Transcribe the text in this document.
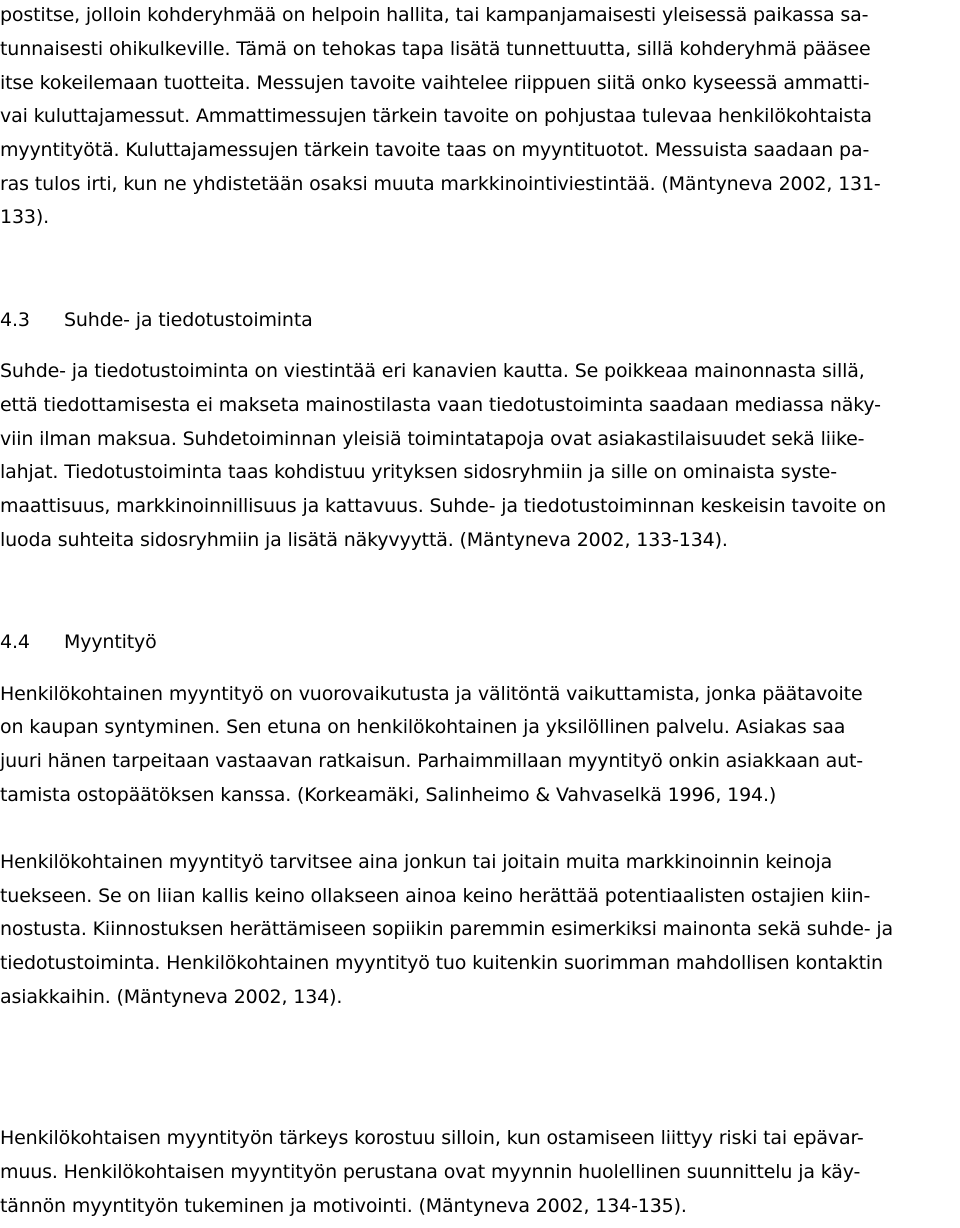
postitse, jolloin kohderyhmää on helpoin hallita, tai kampanjamaisesti yleisessä paikassa sa-
tunnaisesti ohikulkeville. Tämä on tehokas tapa lisätä tunnettuutta, sillä kohderyhmä pääsee
itse kokeilemaan tuotteita. Messujen tavoite vaihtelee riippuen siitä onko kyseessä ammatti-
vai kuluttajamessut. Ammattimessujen tärkein tavoite on pohjustaa tulevaa henkilökohtaista
myyntityötä. Kuluttajamessujen tärkein tavoite taas on myyntituotot. Messuista saadaan pa-
ras tulos irti, kun ne yhdistetään osaksi muuta markkinointiviestintää. (Mäntyneva 2002, 131-
133).
4.3 Suhde- ja tiedotustoiminta
Suhde- ja tiedotustoiminta on viestintää eri kanavien kautta. Se poikkeaa mainonnasta sillä,
että tiedottamisesta ei makseta mainostilasta vaan tiedotustoiminta saadaan mediassa näky-
viin ilman maksua. Suhdetoiminnan yleisiä toimintatapoja ovat asiakastilaisuudet sekä liike-
lahjat. Tiedotustoiminta taas kohdistuu yrityksen sidosryhmiin ja sille on ominaista syste-
maattisuus, markkinoinnillisuus ja kattavuus. Suhde- ja tiedotustoiminnan keskeisin tavoite on
luoda suhteita sidosryhmiin ja lisätä näkyvyyttä. (Mäntyneva 2002, 133-134).
4.4 Myyntityö
Henkilökohtainen myyntityö on vuorovaikutusta ja välitöntä vaikuttamista, jonka päätavoite
on kaupan syntyminen. Sen etuna on henkilökohtainen ja yksilöllinen palvelu. Asiakas saa
juuri hänen tarpeitaan vastaavan ratkaisun. Parhaimmillaan myyntityö onkin asiakkaan aut-
tamista ostopäätöksen kanssa. (Korkeamäki, Salinheimo & Vahvaselkä 1996, 194.)
Henkilökohtainen myyntityö tarvitsee aina jonkun tai joitain muita markkinoinnin keinoja
tuekseen. Se on liian kallis keino ollakseen ainoa keino herättää potentiaalisten ostajien kiin-
nostusta. Kiinnostuksen herättämiseen sopiikin paremmin esimerkiksi mainonta sekä suhde- ja
tiedotustoiminta. Henkilökohtainen myyntityö tuo kuitenkin suorimman mahdollisen kontaktin
asiakkaihin. (Mäntyneva 2002, 134).
Henkilökohtaisen myyntityön tärkeys korostuu silloin, kun ostamiseen liittyy riski tai epävar-
muus. Henkilökohtaisen myyntityön perustana ovat myynnin huolellinen suunnittelu ja käy-
tännön myyntityön tukeminen ja motivointi. (Mäntyneva 2002, 134-135).
